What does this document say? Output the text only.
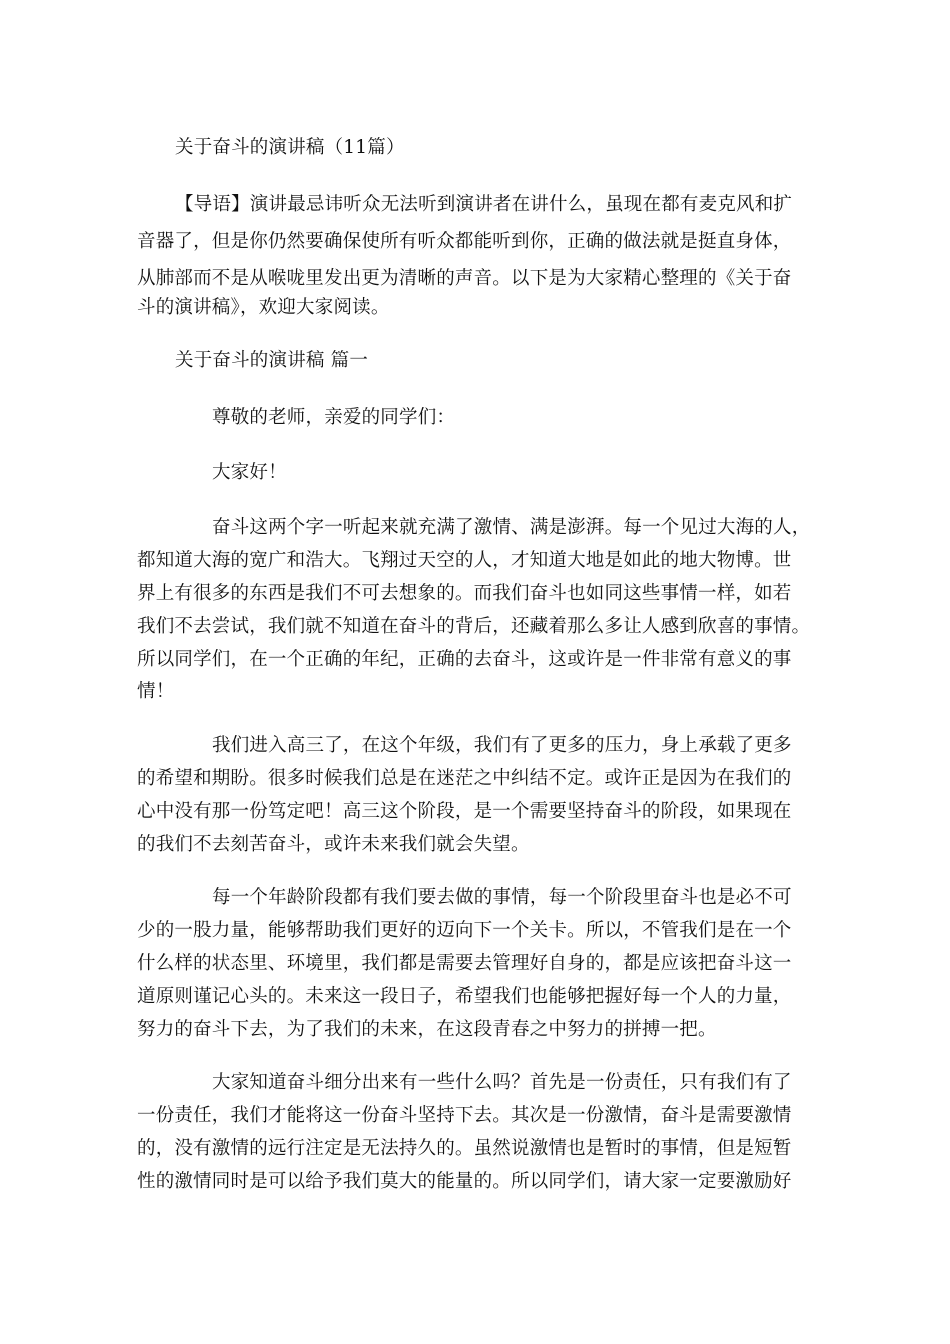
关于奋斗的演讲稿（11篇）
【导语】演讲最忌讳听众无法听到演讲者在讲什么，虽现在都有麦克风和扩
音器了，但是你仍然要确保使所有听众都能听到你，正确的做法就是挺直身体，
从肺部而不是从喉咙里发出更为清晰的声音。以下是为大家精心整理的《关于奋
斗的演讲稿》，欢迎大家阅读。
关于奋斗的演讲稿 篇一
尊敬的老师，亲爱的同学们：
大家好！
奋斗这两个字一听起来就充满了激情、满是澎湃。每一个见过大海的人，
都知道大海的宽广和浩大。飞翔过天空的人，才知道大地是如此的地大物博。世
界上有很多的东西是我们不可去想象的。而我们奋斗也如同这些事情一样，如若
我们不去尝试，我们就不知道在奋斗的背后，还藏着那么多让人感到欣喜的事情。
所以同学们，在一个正确的年纪，正确的去奋斗，这或许是一件非常有意义的事
情！
我们进入高三了，在这个年级，我们有了更多的压力，身上承载了更多
的希望和期盼。很多时候我们总是在迷茫之中纠结不定。或许正是因为在我们的
心中没有那一份笃定吧！高三这个阶段，是一个需要坚持奋斗的阶段，如果现在
的我们不去刻苦奋斗，或许未来我们就会失望。
每一个年龄阶段都有我们要去做的事情，每一个阶段里奋斗也是必不可
少的一股力量，能够帮助我们更好的迈向下一个关卡。所以，不管我们是在一个
什么样的状态里、环境里，我们都是需要去管理好自身的，都是应该把奋斗这一
道原则谨记心头的。未来这一段日子，希望我们也能够把握好每一个人的力量，
努力的奋斗下去，为了我们的未来，在这段青春之中努力的拼搏一把。
大家知道奋斗细分出来有一些什么吗？首先是一份责任，只有我们有了
一份责任，我们才能将这一份奋斗坚持下去。其次是一份激情，奋斗是需要激情
的，没有激情的远行注定是无法持久的。虽然说激情也是暂时的事情，但是短暂
性的激情同时是可以给予我们莫大的能量的。所以同学们，请大家一定要激励好
